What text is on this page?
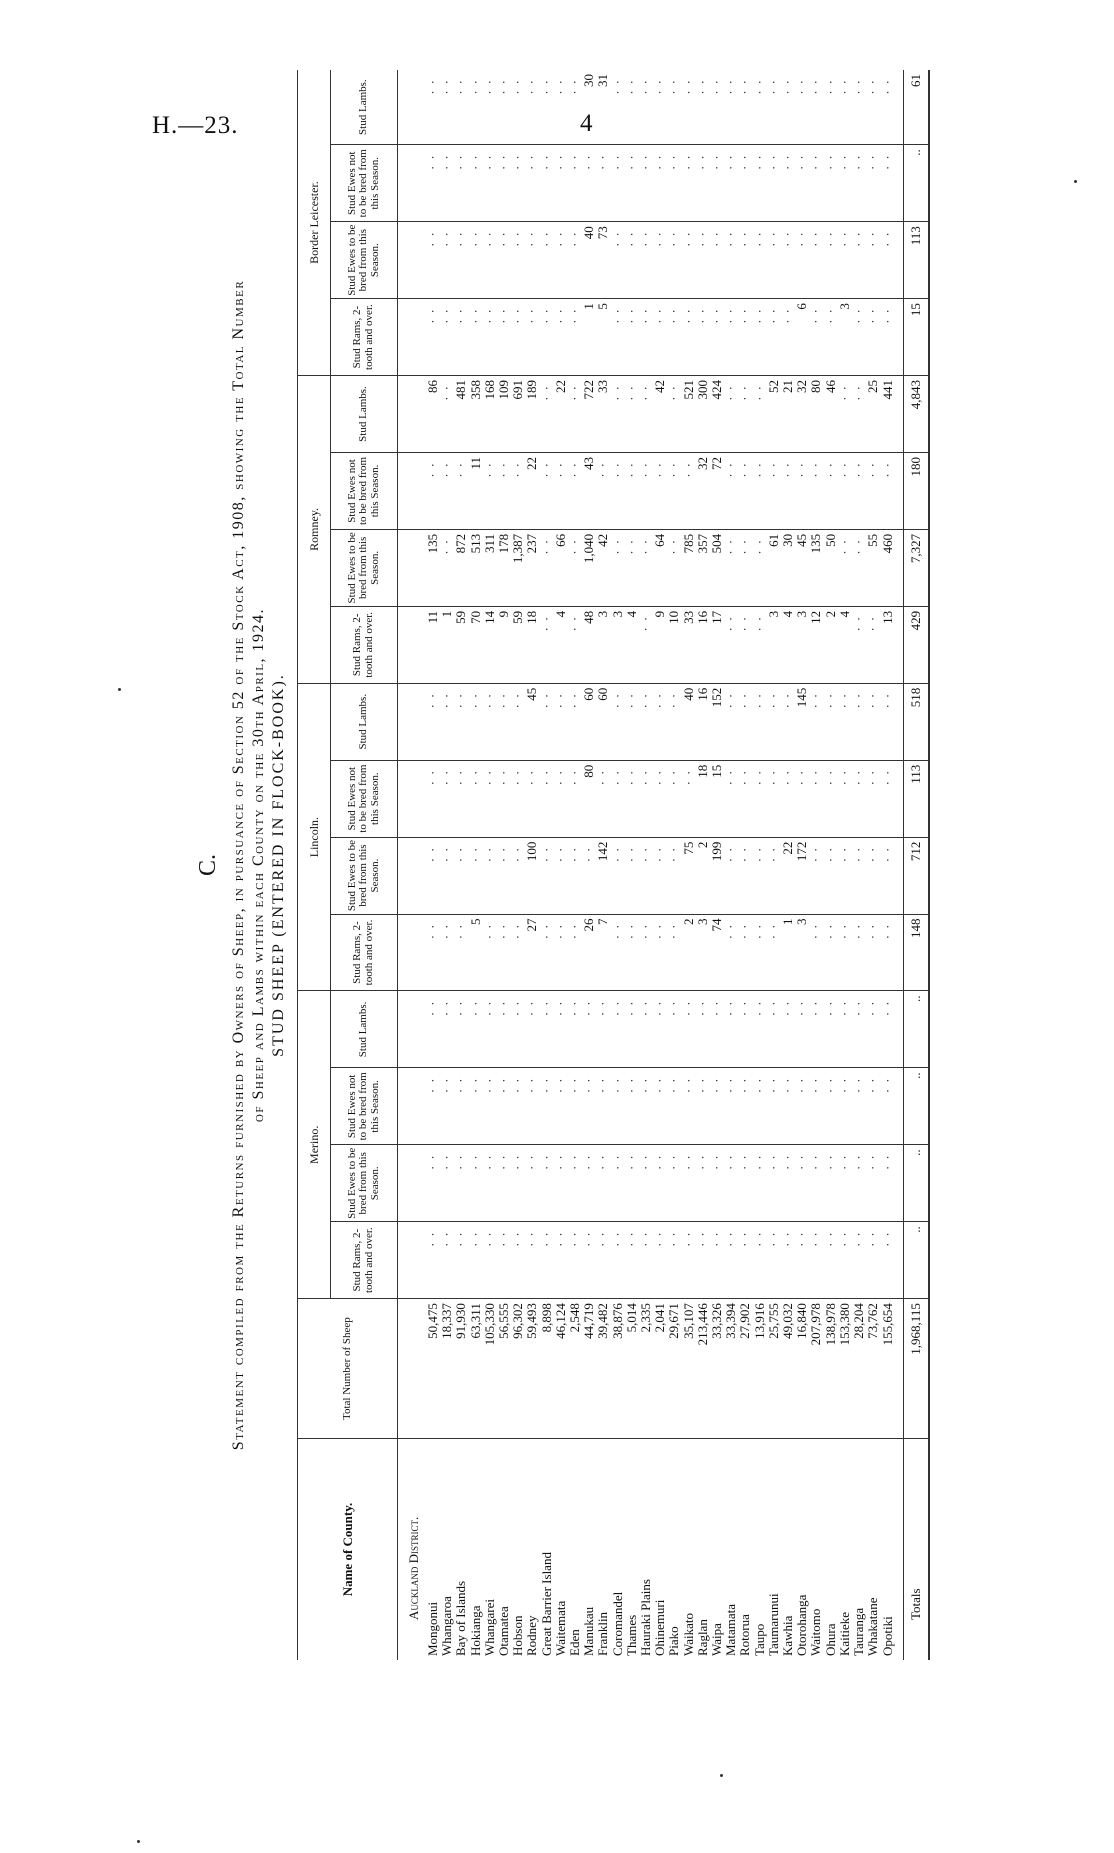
H.—23.	4
C. Statement compiled from the Returns furnished by Owners of Sheep, in pursuance of Section 52 of the Stock Act, 1908, showing the Total Number of Sheep and Lambs within each County on the 30th April, 1924. STUD SHEEP (ENTERED IN FLOCK-BOOK).
Name of County.	Total Number of Sheep	Merino.				Lincoln.				Romney.				Border Leicester.			
		Stud Rams, 2-tooth and over.	Stud Ewes to be bred from this Season.	Stud Ewes not to be bred from this Season.	Stud Lambs.	Stud Rams, 2-tooth and over.	Stud Ewes to be bred from this Season.	Stud Ewes not to be bred from this Season.	Stud Lambs.	Stud Rams, 2-tooth and over.	Stud Ewes to be bred from this Season.	Stud Ewes not to be bred from this Season.	Stud Lambs.	Stud Rams, 2-tooth and over.	Stud Ewes to be bred from this Season.	Stud Ewes not to be bred from this Season.	Stud Lambs.
Auckland District.																	
Mongonui	50,475	··	··	··	··	··	··	··	··	11	135	··	86	··	··	··	··
Whangaroa	18,337	··	··	··	··	··	··	··	··	1	··	··	··	··	··	··	··
Bay of Islands	91,930	··	··	··	··	··	··	··	··	59	872	··	481	··	··	··	··
Hokianga	63,311	··	··	··	··	5	··	··	··	70	513	11	358	··	··	··	··
Whangarei	105,330	··	··	··	··	··	··	··	··	14	311	··	168	··	··	··	··
Otamatea	56,555	··	··	··	··	··	··	··	··	9	178	··	109	··	··	··	··
Hobson	96,302	··	··	··	··	··	··	··	··	59	1,387	··	691	··	··	··	··
Rodney	59,493	··	··	··	··	27	100	··	45	18	237	22	189	··	··	··	··
Great Barrier Island	8,898	··	··	··	··	··	··	··	··	··	··	··	··	··	··	··	··
Waitemata	46,124	··	··	··	··	··	··	··	··	4	66	··	22	··	··	··	··
Eden	2,548	··	··	··	··	··	··	··	··	··	··	··	··	··	··	··	··
Manukau	44,719	··	··	··	··	26	··	80	60	48	1,040	43	722	1	40	··	30
Franklin	39,482	··	··	··	··	7	142	··	60	3	42	··	33	5	73	··	31
Coromandel	38,876	··	··	··	··	··	··	··	··	3	··	··	··	··	··	··	··
Thames	5,014	··	··	··	··	··	··	··	··	4	··	··	··	··	··	··	··
Hauraki Plains	2,335	··	··	··	··	··	··	··	··	··	··	··	··	··	··	··	··
Ohinemuri	2,041	··	··	··	··	··	··	··	··	9	64	··	42	··	··	··	··
Piako	29,671	··	··	··	··	··	··	··	··	10	··	··	··	··	··	··	··
Waikato	35,107	··	··	··	··	2	75	··	40	33	785	··	521	··	··	··	··
Raglan	213,446	··	··	··	··	3	2	18	16	16	357	32	300	··	··	··	··
Waipa	33,326	··	··	··	··	74	199	15	152	17	504	72	424	··	··	··	··
Matamata	33,394	··	··	··	··	··	··	··	··	··	··	··	··	··	··	··	··
Rotorua	27,902	··	··	··	··	··	··	··	··	··	··	··	··	··	··	··	··
Taupo	13,916	··	··	··	··	··	··	··	··	··	··	··	··	··	··	··	··
Taumarunui	25,755	··	··	··	··	··	··	··	··	3	61	··	52	··	··	··	··
Kawhia	49,032	··	··	··	··	1	22	··	··	4	30	··	21	··	··	··	··
Otorohanga	16,840	··	··	··	··	3	172	··	145	3	45	··	32	6	··	··	··
Waitomo	207,978	··	··	··	··	··	··	··	··	12	135	··	80	··	··	··	··
Ohura	138,978	··	··	··	··	··	··	··	··	2	50	··	46	··	··	··	··
Kaitieke	153,380	··	··	··	··	··	··	··	··	4	··	··	··	3	··	··	··
Tauranga	28,204	··	··	··	··	··	··	··	··	··	··	··	··	··	··	··	··
Whakatane	73,762	··	··	··	··	··	··	··	··	··	55	··	25	··	··	··	··
Opotiki	155,654	··	··	··	··	··	··	··	··	13	460	··	441	··	··	··	··
Totals	1,968,115	..	..	..	..	148	712	113	518	429	7,327	180	4,843	15	113	..	61
